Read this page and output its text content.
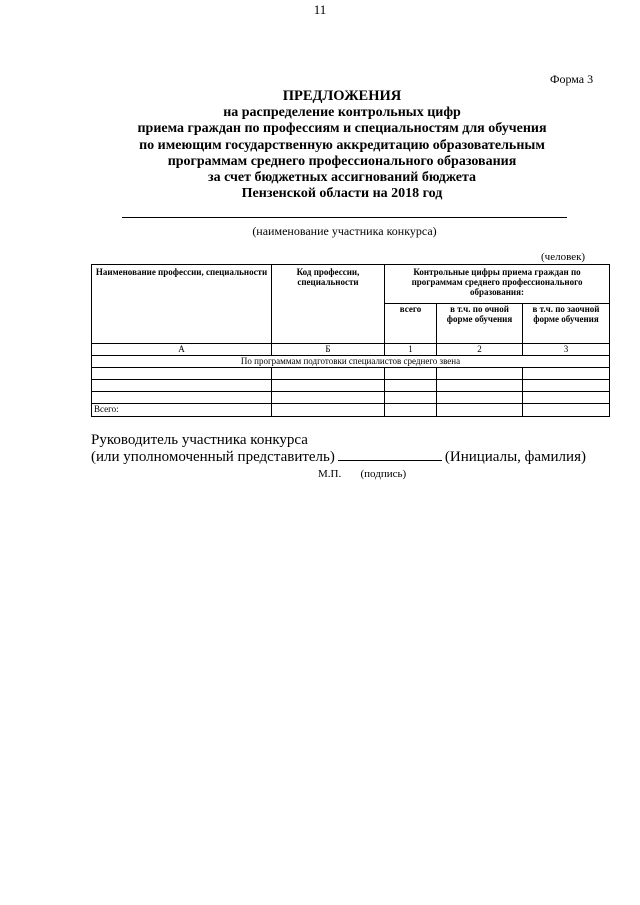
11
Форма 3
ПРЕДЛОЖЕНИЯ
на распределение контрольных цифр
приема граждан по профессиям и специальностям для обучения
по имеющим государственную аккредитацию образовательным
программам среднего профессионального образования
за счет бюджетных ассигнований бюджета
Пензенской области на 2018 год
(наименование участника конкурса)
(человек)
Наименование профессии, специальности	Код профессии, специальности	Контрольные цифры приема граждан по программам среднего профессионального образования:		
		всего	в т.ч. по очной форме обучения	в т.ч. по заочной форме обучения
А	Б	1	2	3
По программам подготовки специалистов среднего звена				

Всего:				
Руководитель участника конкурса
(или уполномоченный представитель)	(Инициалы, фамилия)
М.П. (подпись)
